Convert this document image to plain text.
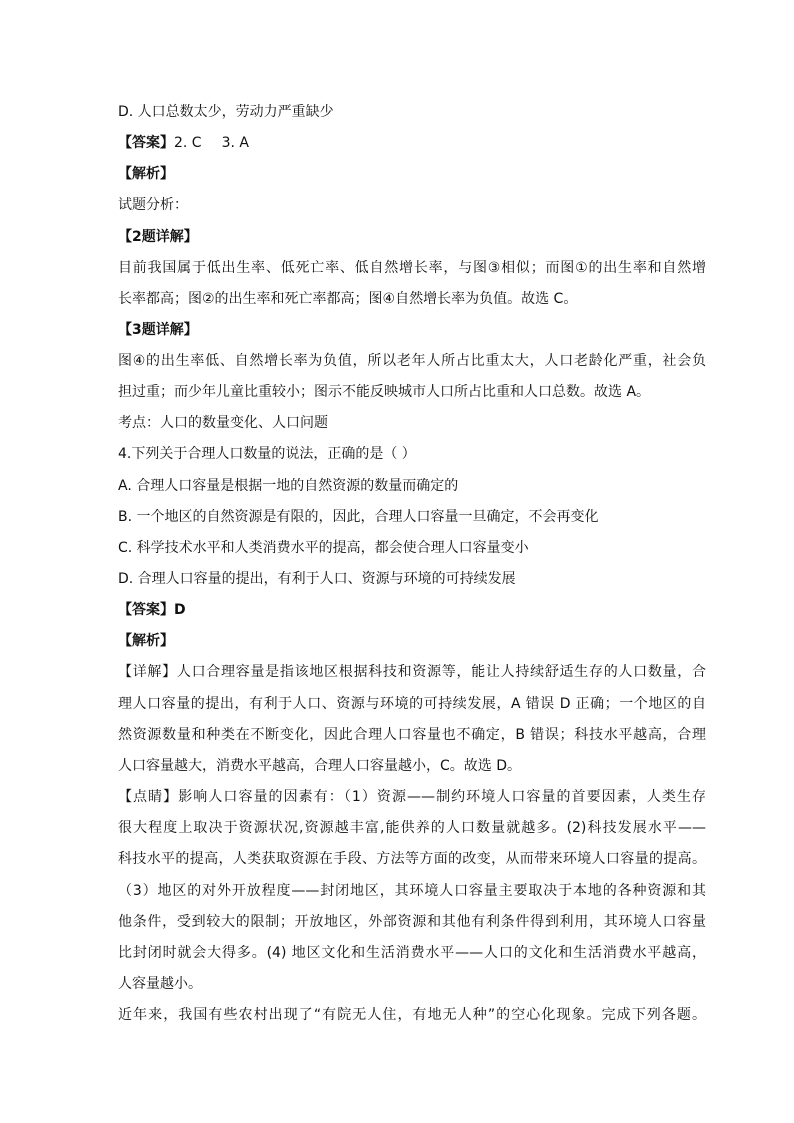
D. 人口总数太少，劳动力严重缺少
【答案】2. C 3. A
【解析】
试题分析：
【2题详解】
目前我国属于低出生率、低死亡率、低自然增长率，与图③相似；而图①的出生率和自然增
长率都高；图②的出生率和死亡率都高；图④自然增长率为负值。故选 C。
【3题详解】
图④的出生率低、自然增长率为负值，所以老年人所占比重太大，人口老龄化严重，社会负
担过重；而少年儿童比重较小；图示不能反映城市人口所占比重和人口总数。故选 A。
考点：人口的数量变化、人口问题
4.下列关于合理人口数量的说法，正确的是（ ）
A. 合理人口容量是根据一地的自然资源的数量而确定的
B. 一个地区的自然资源是有限的，因此，合理人口容量一旦确定，不会再变化
C. 科学技术水平和人类消费水平的提高，都会使合理人口容量变小
D. 合理人口容量的提出，有利于人口、资源与环境的可持续发展
【答案】D
【解析】
【详解】人口合理容量是指该地区根据科技和资源等，能让人持续舒适生存的人口数量，合
理人口容量的提出，有利于人口、资源与环境的可持续发展，A 错误 D 正确；一个地区的自
然资源数量和种类在不断变化，因此合理人口容量也不确定，B 错误；科技水平越高，合理
人口容量越大，消费水平越高，合理人口容量越小，C。故选 D。
【点睛】影响人口容量的因素有：（1）资源——制约环境人口容量的首要因素，人类生存
很大程度上取决于资源状况,资源越丰富,能供养的人口数量就越多。(2)科技发展水平——
科技水平的提高，人类获取资源在手段、方法等方面的改变，从而带来环境人口容量的提高。
（3）地区的对外开放程度——封闭地区，其环境人口容量主要取决于本地的各种资源和其
他条件，受到较大的限制；开放地区，外部资源和其他有利条件得到利用，其环境人口容量
比封闭时就会大得多。(4) 地区文化和生活消费水平——人口的文化和生活消费水平越高，
人容量越小。
近年来，我国有些农村出现了“有院无人住，有地无人种”的空心化现象。完成下列各题。
